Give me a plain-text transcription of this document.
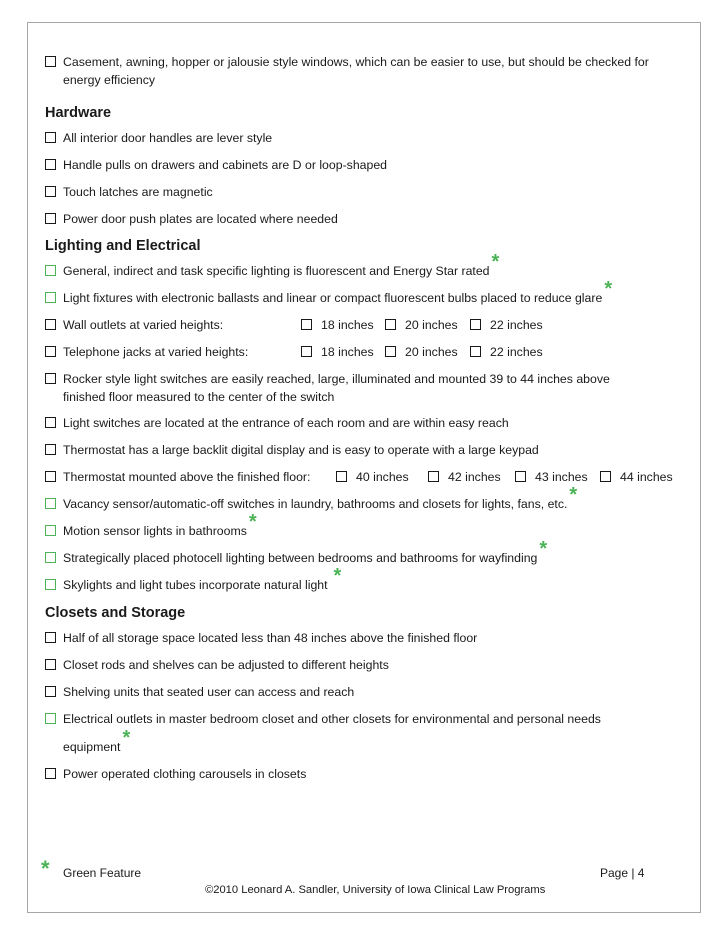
Casement, awning, hopper or jalousie style windows, which can be easier to use, but should be checked for
energy efficiency
Hardware
All interior door handles are lever style
Handle pulls on drawers and cabinets are D or loop-shaped
Touch latches are magnetic
Power door push plates are located where needed
Lighting and Electrical
General, indirect and task specific lighting is fluorescent and Energy Star rated *
Light fixtures with electronic ballasts and linear or compact fluorescent bulbs placed to reduce glare *
Wall outlets at varied heights:	18 inches	20 inches	22 inches
Telephone jacks at varied heights:	18 inches	20 inches	22 inches
Rocker style light switches are easily reached, large, illuminated and mounted 39 to 44 inches above
finished floor measured to the center of the switch
Light switches are located at the entrance of each room and are within easy reach
Thermostat has a large backlit digital display and is easy to operate with a large keypad
Thermostat mounted above the finished floor:	40 inches	42 inches	43 inches	44 inches
Vacancy sensor/automatic-off switches in laundry, bathrooms and closets for lights, fans, etc. *
Motion sensor lights in bathrooms *
Strategically placed photocell lighting between bedrooms and bathrooms for wayfinding *
Skylights and light tubes incorporate natural light *
Closets and Storage
Half of all storage space located less than 48 inches above the finished floor
Closet rods and shelves can be adjusted to different heights
Shelving units that seated user can access and reach
Electrical outlets in master bedroom closet and other closets for environmental and personal needs
equipment *
Power operated clothing carousels in closets
* Green Feature	Page | 4
©2010 Leonard A. Sandler, University of Iowa Clinical Law Programs
